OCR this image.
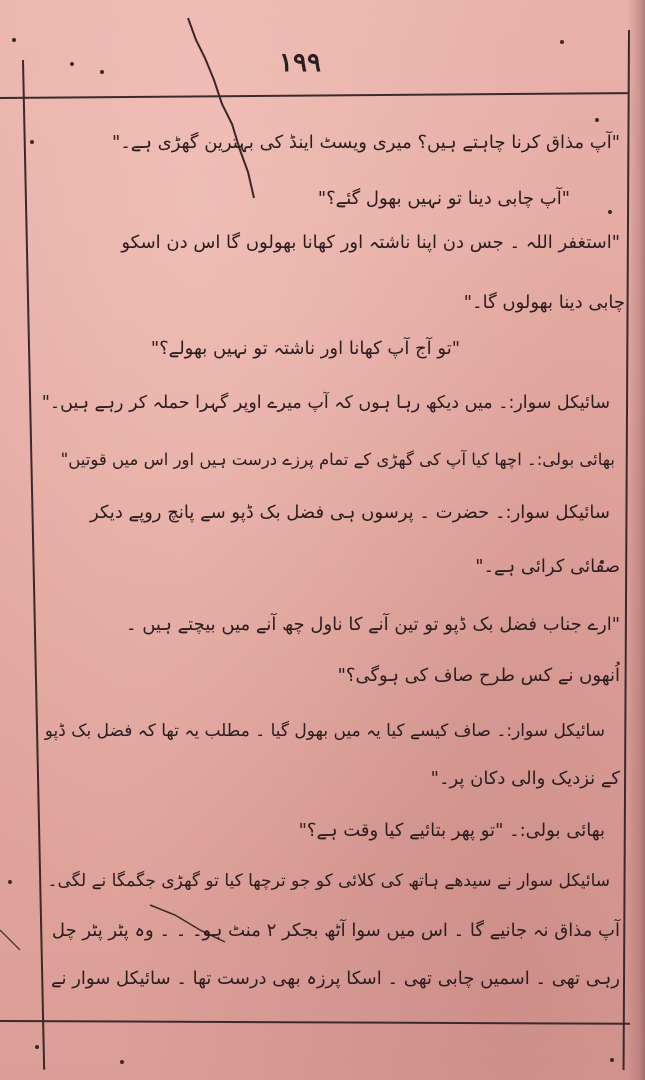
۱۹۹
"آپ مذاق کرنا چاہتے ہیں؟ میری ویسٹ اینڈ کی بہترین گھڑی ہے۔"
"آپ چابی دینا تو نہیں بھول گئے؟"
"استغفر اللہ ۔ جس دن اپنا ناشتہ اور کھانا بھولوں گا اس دن اسکو
چابی دینا بھولوں گا۔"
"تو آج آپ کھانا اور ناشتہ تو نہیں بھولے؟"
سائیکل سوار:۔ میں دیکھ رہا ہوں کہ آپ میرے اوپر گہرا حملہ کر رہے ہیں۔"
بھائی بولی:۔ اچھا کیا آپ کی گھڑی کے تمام پرزے درست ہیں اور اس میں قوتیں"
سائیکل سوار:۔ حضرت ۔ پرسوں ہی فضل بک ڈپو سے پانچ روپے دیکر
صفائی کرائی ہے۔"
"ارے جناب فضل بک ڈپو تو تین آنے کا ناول چھ آنے میں بیچتے ہیں ۔
اُنھوں نے کس طرح صاف کی ہوگی؟"
سائیکل سوار:۔ صاف کیسے کیا یہ میں بھول گیا ۔ مطلب یہ تھا کہ فضل بک ڈپو
کے نزدیک والی دکان پر۔"
بھائی بولی:۔ "تو پھر بتائیے کیا وقت ہے؟"
سائیکل سوار نے سیدھے ہاتھ کی کلائی کو جو ترچھا کیا تو گھڑی جگمگا نے لگی۔
آپ مذاق نہ جانیے گا ۔ اس میں سوا آٹھ بجکر ۲ منٹ ہو۔ ۔ ۔ وہ پٹر پٹر چل
رہی تھی ۔ اسمیں چابی تھی ۔ اسکا پرزہ بھی درست تھا ۔ سائیکل سوار نے
